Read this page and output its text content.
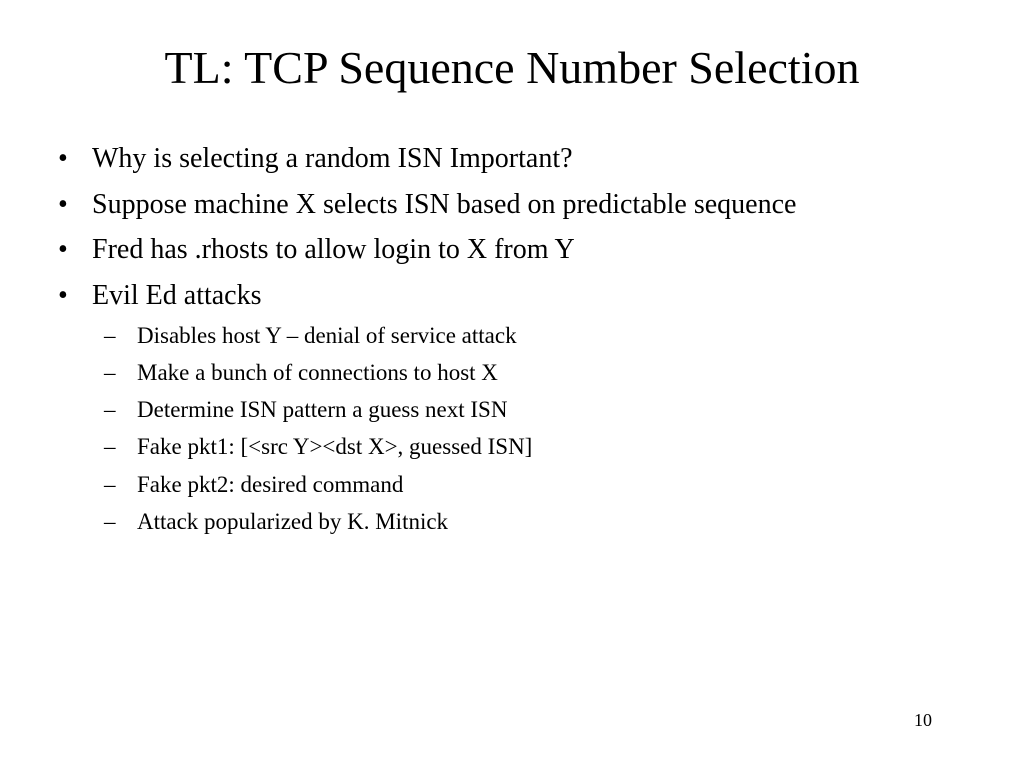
TL: TCP Sequence Number Selection
• Why is selecting a random ISN Important?
• Suppose machine X selects ISN based on predictable sequence
• Fred has .rhosts to allow login to X from Y
• Evil Ed attacks
– Disables host Y – denial of service attack
– Make a bunch of connections to host X
– Determine ISN pattern a guess next ISN
– Fake pkt1: [<src Y><dst X>, guessed ISN]
– Fake pkt2: desired command
– Attack popularized by K. Mitnick
10
